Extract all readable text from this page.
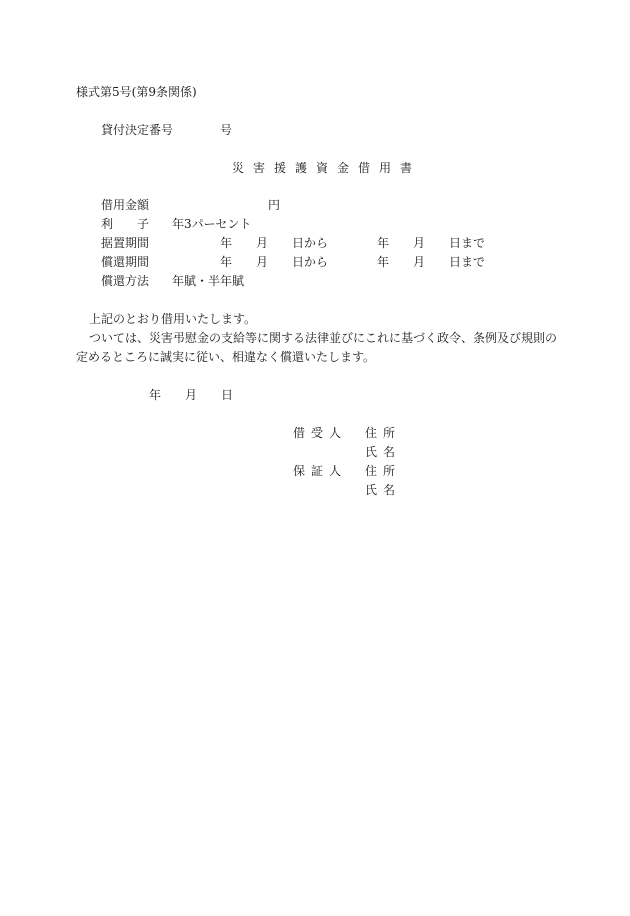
様式第5号(第9条関係)
貸付決定番号	号
災害援護資金借用書
借用金額	円
利 子 年3パーセント
据置期間	年 月 日から	年 月 日まで
償還期間	年 月 日から	年 月 日まで
償還方法 年賦・半年賦
上記のとおり借用いたします。
ついては、災害弔慰金の支給等に関する法律並びにこれに基づく政令、条例及び規則の
定めるところに誠実に従い、相違なく償還いたします。
年 月 日
借受人 住所
氏名
保証人 住所
氏名
